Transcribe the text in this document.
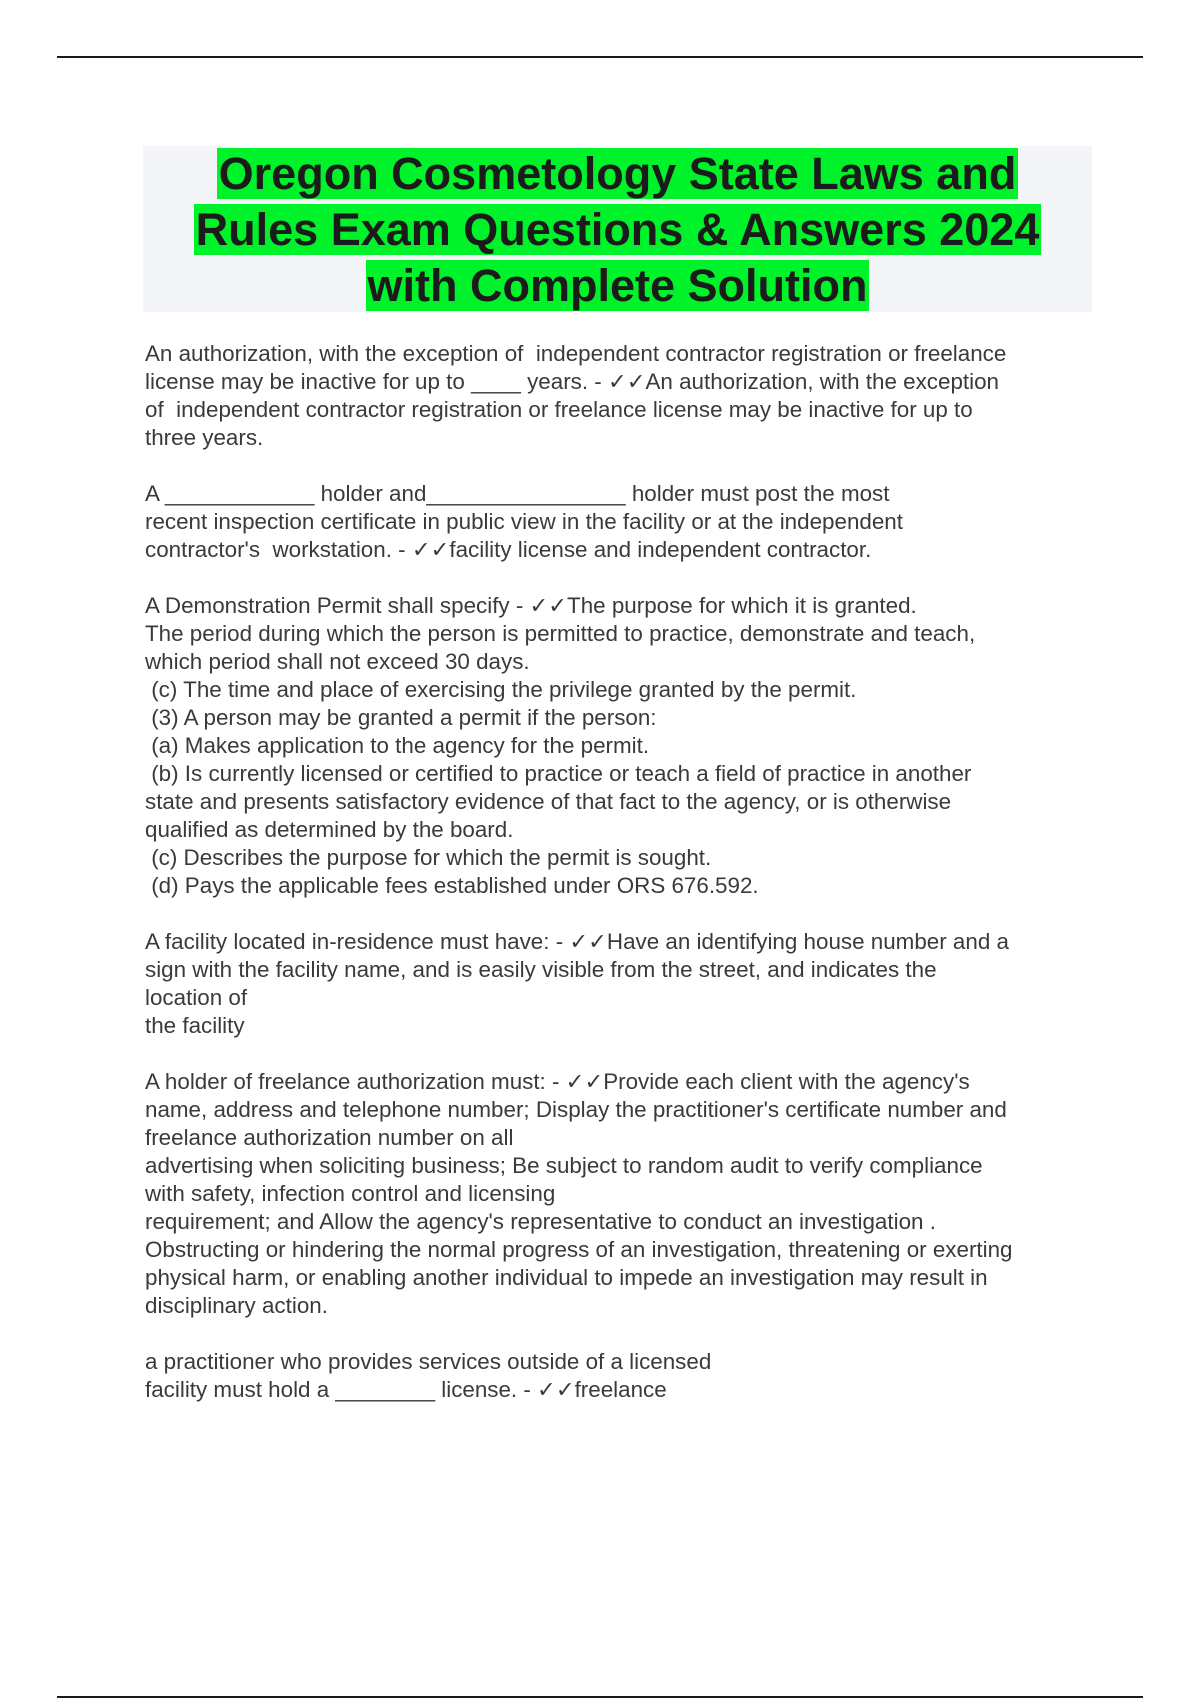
Oregon Cosmetology State Laws and
Rules Exam Questions & Answers 2024
with Complete Solution
An authorization, with the exception of  independent contractor registration or freelance
license may be inactive for up to ____ years. - ✓✓An authorization, with the exception
of  independent contractor registration or freelance license may be inactive for up to
three years.
A ____________ holder and________________ holder must post the most
recent inspection certificate in public view in the facility or at the independent
contractor's  workstation. - ✓✓facility license and independent contractor.
A Demonstration Permit shall specify - ✓✓The purpose for which it is granted.
The period during which the person is permitted to practice, demonstrate and teach,
which period shall not exceed 30 days.
(c) The time and place of exercising the privilege granted by the permit.
(3) A person may be granted a permit if the person:
(a) Makes application to the agency for the permit.
(b) Is currently licensed or certified to practice or teach a field of practice in another
state and presents satisfactory evidence of that fact to the agency, or is otherwise
qualified as determined by the board.
(c) Describes the purpose for which the permit is sought.
(d) Pays the applicable fees established under ORS 676.592.
A facility located in-residence must have: - ✓✓Have an identifying house number and a
sign with the facility name, and is easily visible from the street, and indicates the
location of
the facility
A holder of freelance authorization must: - ✓✓Provide each client with the agency's
name, address and telephone number; Display the practitioner's certificate number and
freelance authorization number on all
advertising when soliciting business; Be subject to random audit to verify compliance
with safety, infection control and licensing
requirement; and Allow the agency's representative to conduct an investigation .
Obstructing or hindering the normal progress of an investigation, threatening or exerting
physical harm, or enabling another individual to impede an investigation may result in
disciplinary action.
a practitioner who provides services outside of a licensed
facility must hold a ________ license. - ✓✓freelance
